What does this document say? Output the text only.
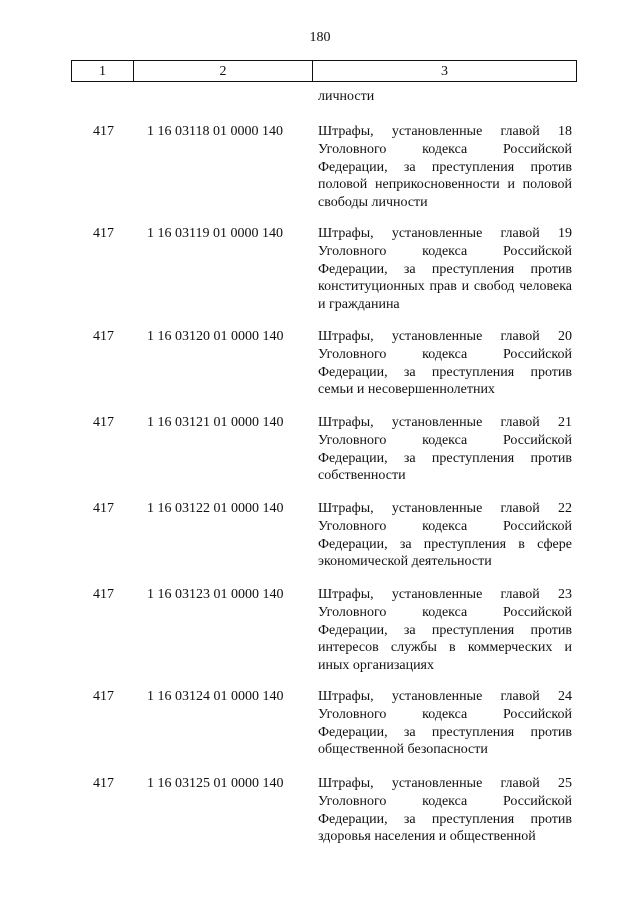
180
1	2	3
личности
417 1 16 03118 01 0000 140	Штрафы, установленные главой 18 Уголовного кодекса Российской Федерации, за преступления против половой неприкосновенности и половой свободы личности
417 1 16 03119 01 0000 140	Штрафы, установленные главой 19 Уголовного кодекса Российской Федерации, за преступления против конституционных прав и свобод человека и гражданина
417 1 16 03120 01 0000 140 Штрафы, установленные главой 20 Уголовного кодекса Российской Федерации, за преступления против семьи и несовершеннолетних
417 1 16 03121 01 0000 140 Штрафы, установленные главой 21 Уголовного кодекса Российской Федерации, за преступления против собственности
417 1 16 03122 01 0000 140 Штрафы, установленные главой 22 Уголовного кодекса Российской Федерации, за преступления в сфере экономической деятельности
417 1 16 03123 01 0000 140 Штрафы, установленные главой 23 Уголовного кодекса Российской Федерации, за преступления против интересов службы в коммерческих и иных организациях
417 1 16 03124 01 0000 140 Штрафы, установленные главой 24 Уголовного кодекса Российской Федерации, за преступления против общественной безопасности
417 1 16 03125 01 0000 140 Штрафы, установленные главой 25 Уголовного кодекса Российской Федерации, за преступления против здоровья населения и общественной
